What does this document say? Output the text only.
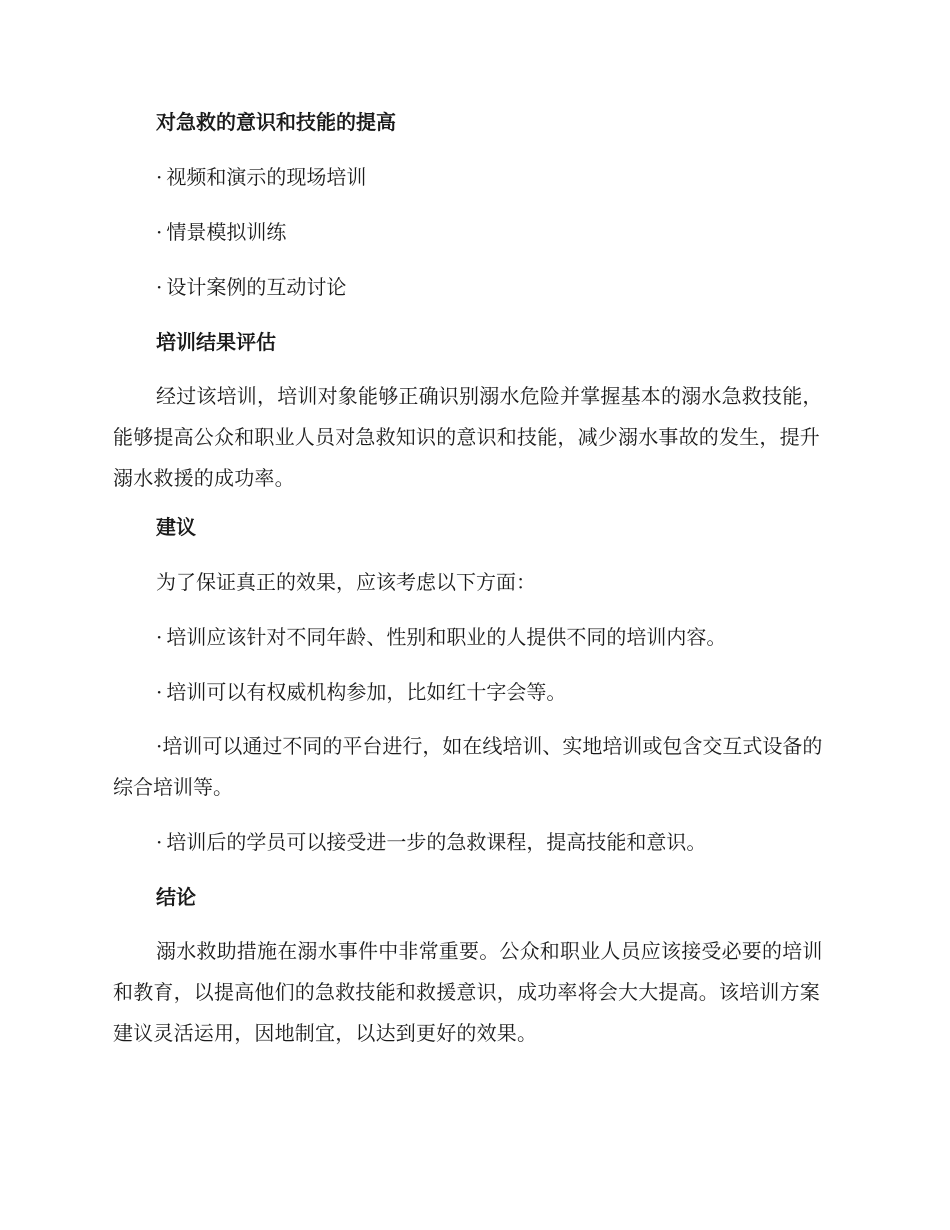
对急救的意识和技能的提高

· 视频和演示的现场培训

· 情景模拟训练

· 设计案例的互动讨论

培训结果评估

经过该培训，培训对象能够正确识别溺水危险并掌握基本的溺水急救技能，能够提高公众和职业人员对急救知识的意识和技能，减少溺水事故的发生，提升溺水救援的成功率。

建议

为了保证真正的效果，应该考虑以下方面：

· 培训应该针对不同年龄、性别和职业的人提供不同的培训内容。

· 培训可以有权威机构参加，比如红十字会等。

·培训可以通过不同的平台进行，如在线培训、实地培训或包含交互式设备的综合培训等。

· 培训后的学员可以接受进一步的急救课程，提高技能和意识。

结论

溺水救助措施在溺水事件中非常重要。公众和职业人员应该接受必要的培训和教育，以提高他们的急救技能和救援意识，成功率将会大大提高。该培训方案建议灵活运用，因地制宜，以达到更好的效果。
